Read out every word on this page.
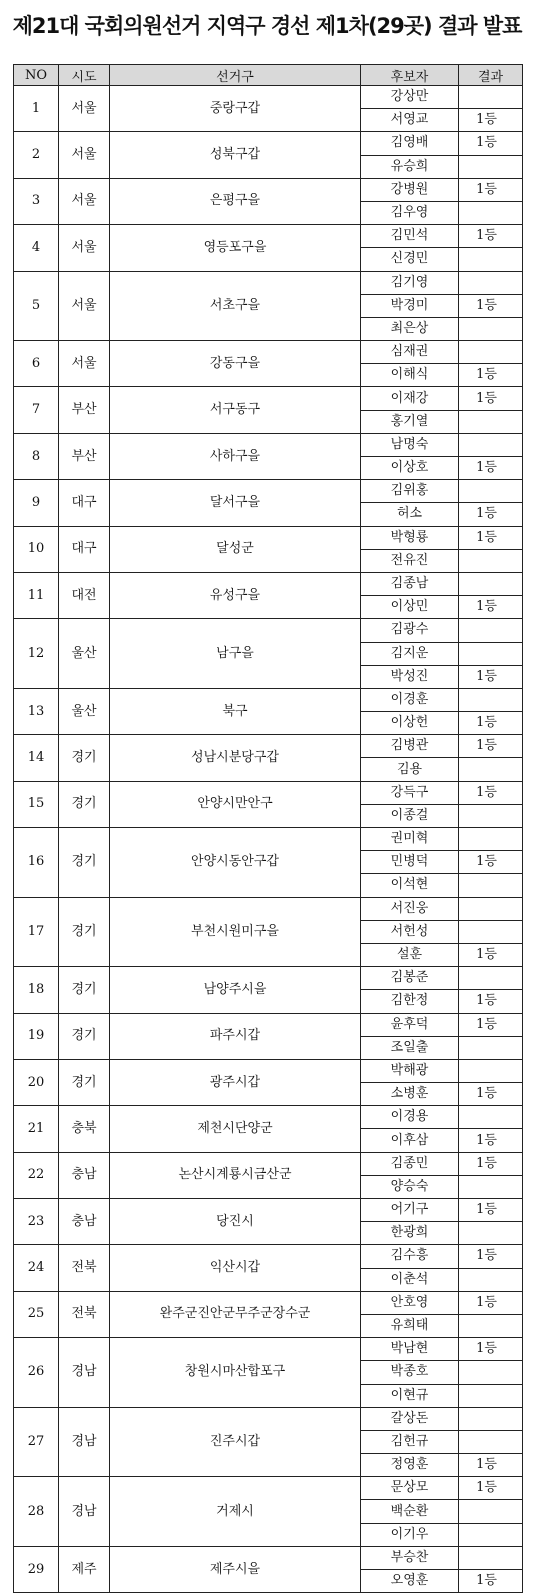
제21대 국회의원선거 지역구 경선 제1차(29곳) 결과 발표
NO	시도	선거구	후보자	결과
1	서울	중랑구갑	강상만	
			서영교	1등
2	서울	성북구갑	김영배	1등
			유승희	
3	서울	은평구을	강병원	1등
			김우영	
4	서울	영등포구을	김민석	1등
			신경민	
5	서울	서초구을	김기영	
			박경미	1등
			최은상	
6	서울	강동구을	심재권	
			이해식	1등
7	부산	서구동구	이재강	1등
			홍기열	
8	부산	사하구을	남명숙	
			이상호	1등
9	대구	달서구을	김위홍	
			허소	1등
10	대구	달성군	박형룡	1등
			전유진	
11	대전	유성구을	김종남	
			이상민	1등
12	울산	남구을	김광수	
			김지운	
			박성진	1등
13	울산	북구	이경훈	
			이상헌	1등
14	경기	성남시분당구갑	김병관	1등
			김용	
15	경기	안양시만안구	강득구	1등
			이종걸	
16	경기	안양시동안구갑	권미혁	
			민병덕	1등
			이석현	
17	경기	부천시원미구을	서진웅	
			서헌성	
			설훈	1등
18	경기	남양주시을	김봉준	
			김한정	1등
19	경기	파주시갑	윤후덕	1등
			조일출	
20	경기	광주시갑	박해광	
			소병훈	1등
21	충북	제천시단양군	이경용	
			이후삼	1등
22	충남	논산시계룡시금산군	김종민	1등
			양승숙	
23	충남	당진시	어기구	1등
			한광희	
24	전북	익산시갑	김수흥	1등
			이춘석	
25	전북	완주군진안군무주군장수군	안호영	1등
			유희태	
26	경남	창원시마산합포구	박남현	1등
			박종호	
			이현규	
27	경남	진주시갑	갈상돈	
			김헌규	
			정영훈	1등
28	경남	거제시	문상모	1등
			백순환	
			이기우	
29	제주	제주시을	부승찬	
			오영훈	1등
